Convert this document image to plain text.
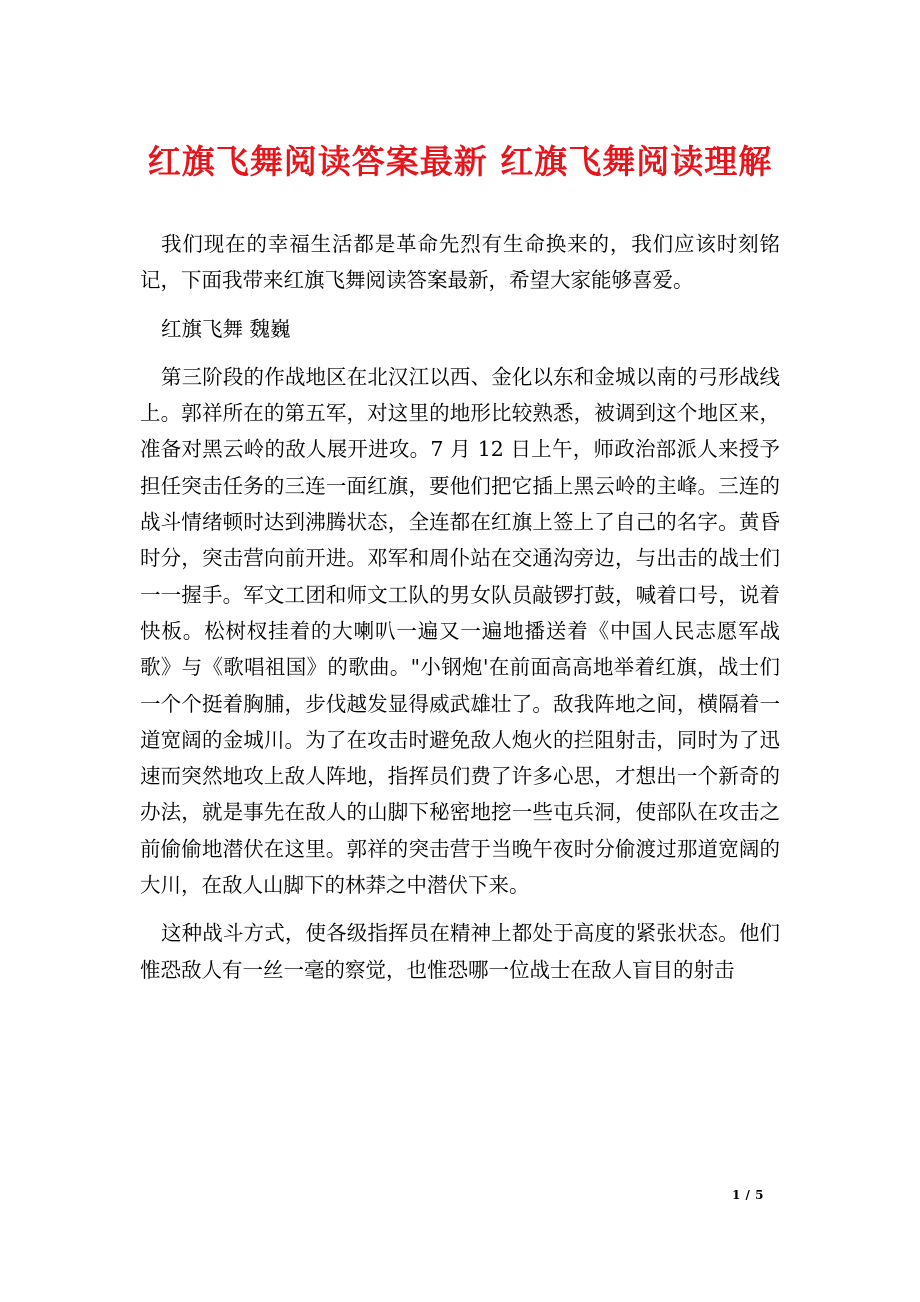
红旗飞舞阅读答案最新 红旗飞舞阅读理解

我们现在的幸福生活都是革命先烈有生命换来的，我们应该时刻铭记，下面我带来红旗飞舞阅读答案最新，希望大家能够喜爱。

红旗飞舞 魏巍

第三阶段的作战地区在北汉江以西、金化以东和金城以南的弓形战线上。郭祥所在的第五军，对这里的地形比较熟悉，被调到这个地区来，准备对黑云岭的敌人展开进攻。7 月 12 日上午，师政治部派人来授予担任突击任务的三连一面红旗，要他们把它插上黑云岭的主峰。三连的战斗情绪顿时达到沸腾状态，全连都在红旗上签上了自己的名字。黄昏时分，突击营向前开进。邓军和周仆站在交通沟旁边，与出击的战士们一一握手。军文工团和师文工队的男女队员敲锣打鼓，喊着口号，说着快板。松树杈挂着的大喇叭一遍又一遍地播送着《中国人民志愿军战歌》与《歌唱祖国》的歌曲。"小钢炮'在前面高高地举着红旗，战士们一个个挺着胸脯，步伐越发显得威武雄壮了。敌我阵地之间，横隔着一道宽阔的金城川。为了在攻击时避免敌人炮火的拦阻射击，同时为了迅速而突然地攻上敌人阵地，指挥员们费了许多心思，才想出一个新奇的办法，就是事先在敌人的山脚下秘密地挖一些屯兵洞，使部队在攻击之前偷偷地潜伏在这里。郭祥的突击营于当晚午夜时分偷渡过那道宽阔的大川，在敌人山脚下的林莽之中潜伏下来。

这种战斗方式，使各级指挥员在精神上都处于高度的紧张状态。他们惟恐敌人有一丝一毫的察觉，也惟恐哪一位战士在敌人盲目的射击

1 / 5
